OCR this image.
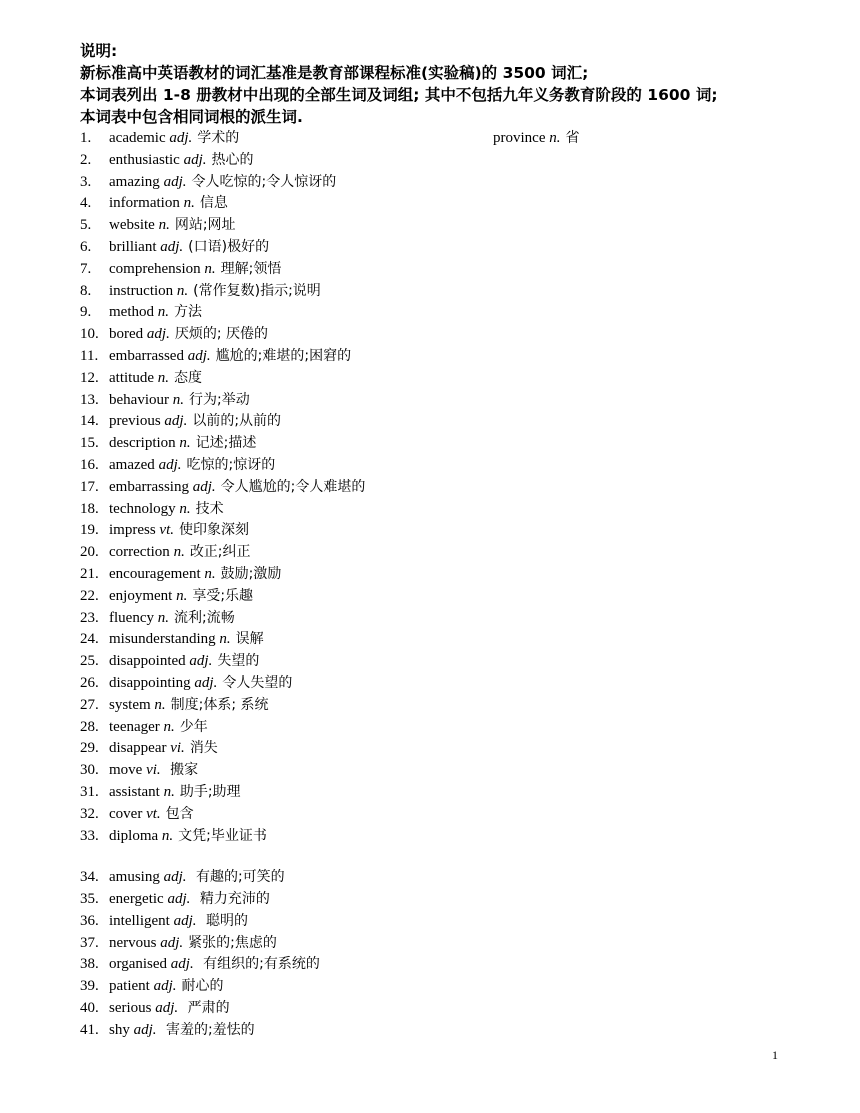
说明:
新标准高中英语教材的词汇基准是教育部课程标准(实验稿)的 3500 词汇;
本词表列出 1-8 册教材中出现的全部生词及词组; 其中不包括九年义务教育阶段的 1600 词;
本词表中包含相同词根的派生词.
1. academic adj. 学术的	province n. 省
2. enthusiastic adj. 热心的
3. amazing adj. 令人吃惊的;令人惊讶的
4. information n. 信息
5. website n. 网站;网址
6. brilliant adj. (口语)极好的
7. comprehension n. 理解;领悟
8. instruction n. (常作复数)指示;说明
9. method n. 方法
10. bored adj. 厌烦的; 厌倦的
11. embarrassed adj. 尴尬的;难堪的;困窘的
12. attitude n. 态度
13. behaviour n. 行为;举动
14. previous adj. 以前的;从前的
15. description n. 记述;描述
16. amazed adj. 吃惊的;惊讶的
17. embarrassing adj. 令人尴尬的;令人难堪的
18. technology n. 技术
19. impress vt. 使印象深刻
20. correction n. 改正;纠正
21. encouragement n. 鼓励;激励
22. enjoyment n. 享受;乐趣
23. fluency n. 流利;流畅
24. misunderstanding n. 误解
25. disappointed adj. 失望的
26. disappointing adj. 令人失望的
27. system n. 制度;体系; 系统
28. teenager n. 少年
29. disappear vi. 消失
30. move vi. 搬家
31. assistant n. 助手;助理
32. cover vt. 包含
33. diploma n. 文凭;毕业证书
34. amusing adj. 有趣的;可笑的
35. energetic adj. 精力充沛的
36. intelligent adj. 聪明的
37. nervous adj. 紧张的;焦虑的
38. organised adj. 有组织的;有系统的
39. patient adj. 耐心的
40. serious adj. 严肃的
41. shy adj. 害羞的;羞怯的
1
